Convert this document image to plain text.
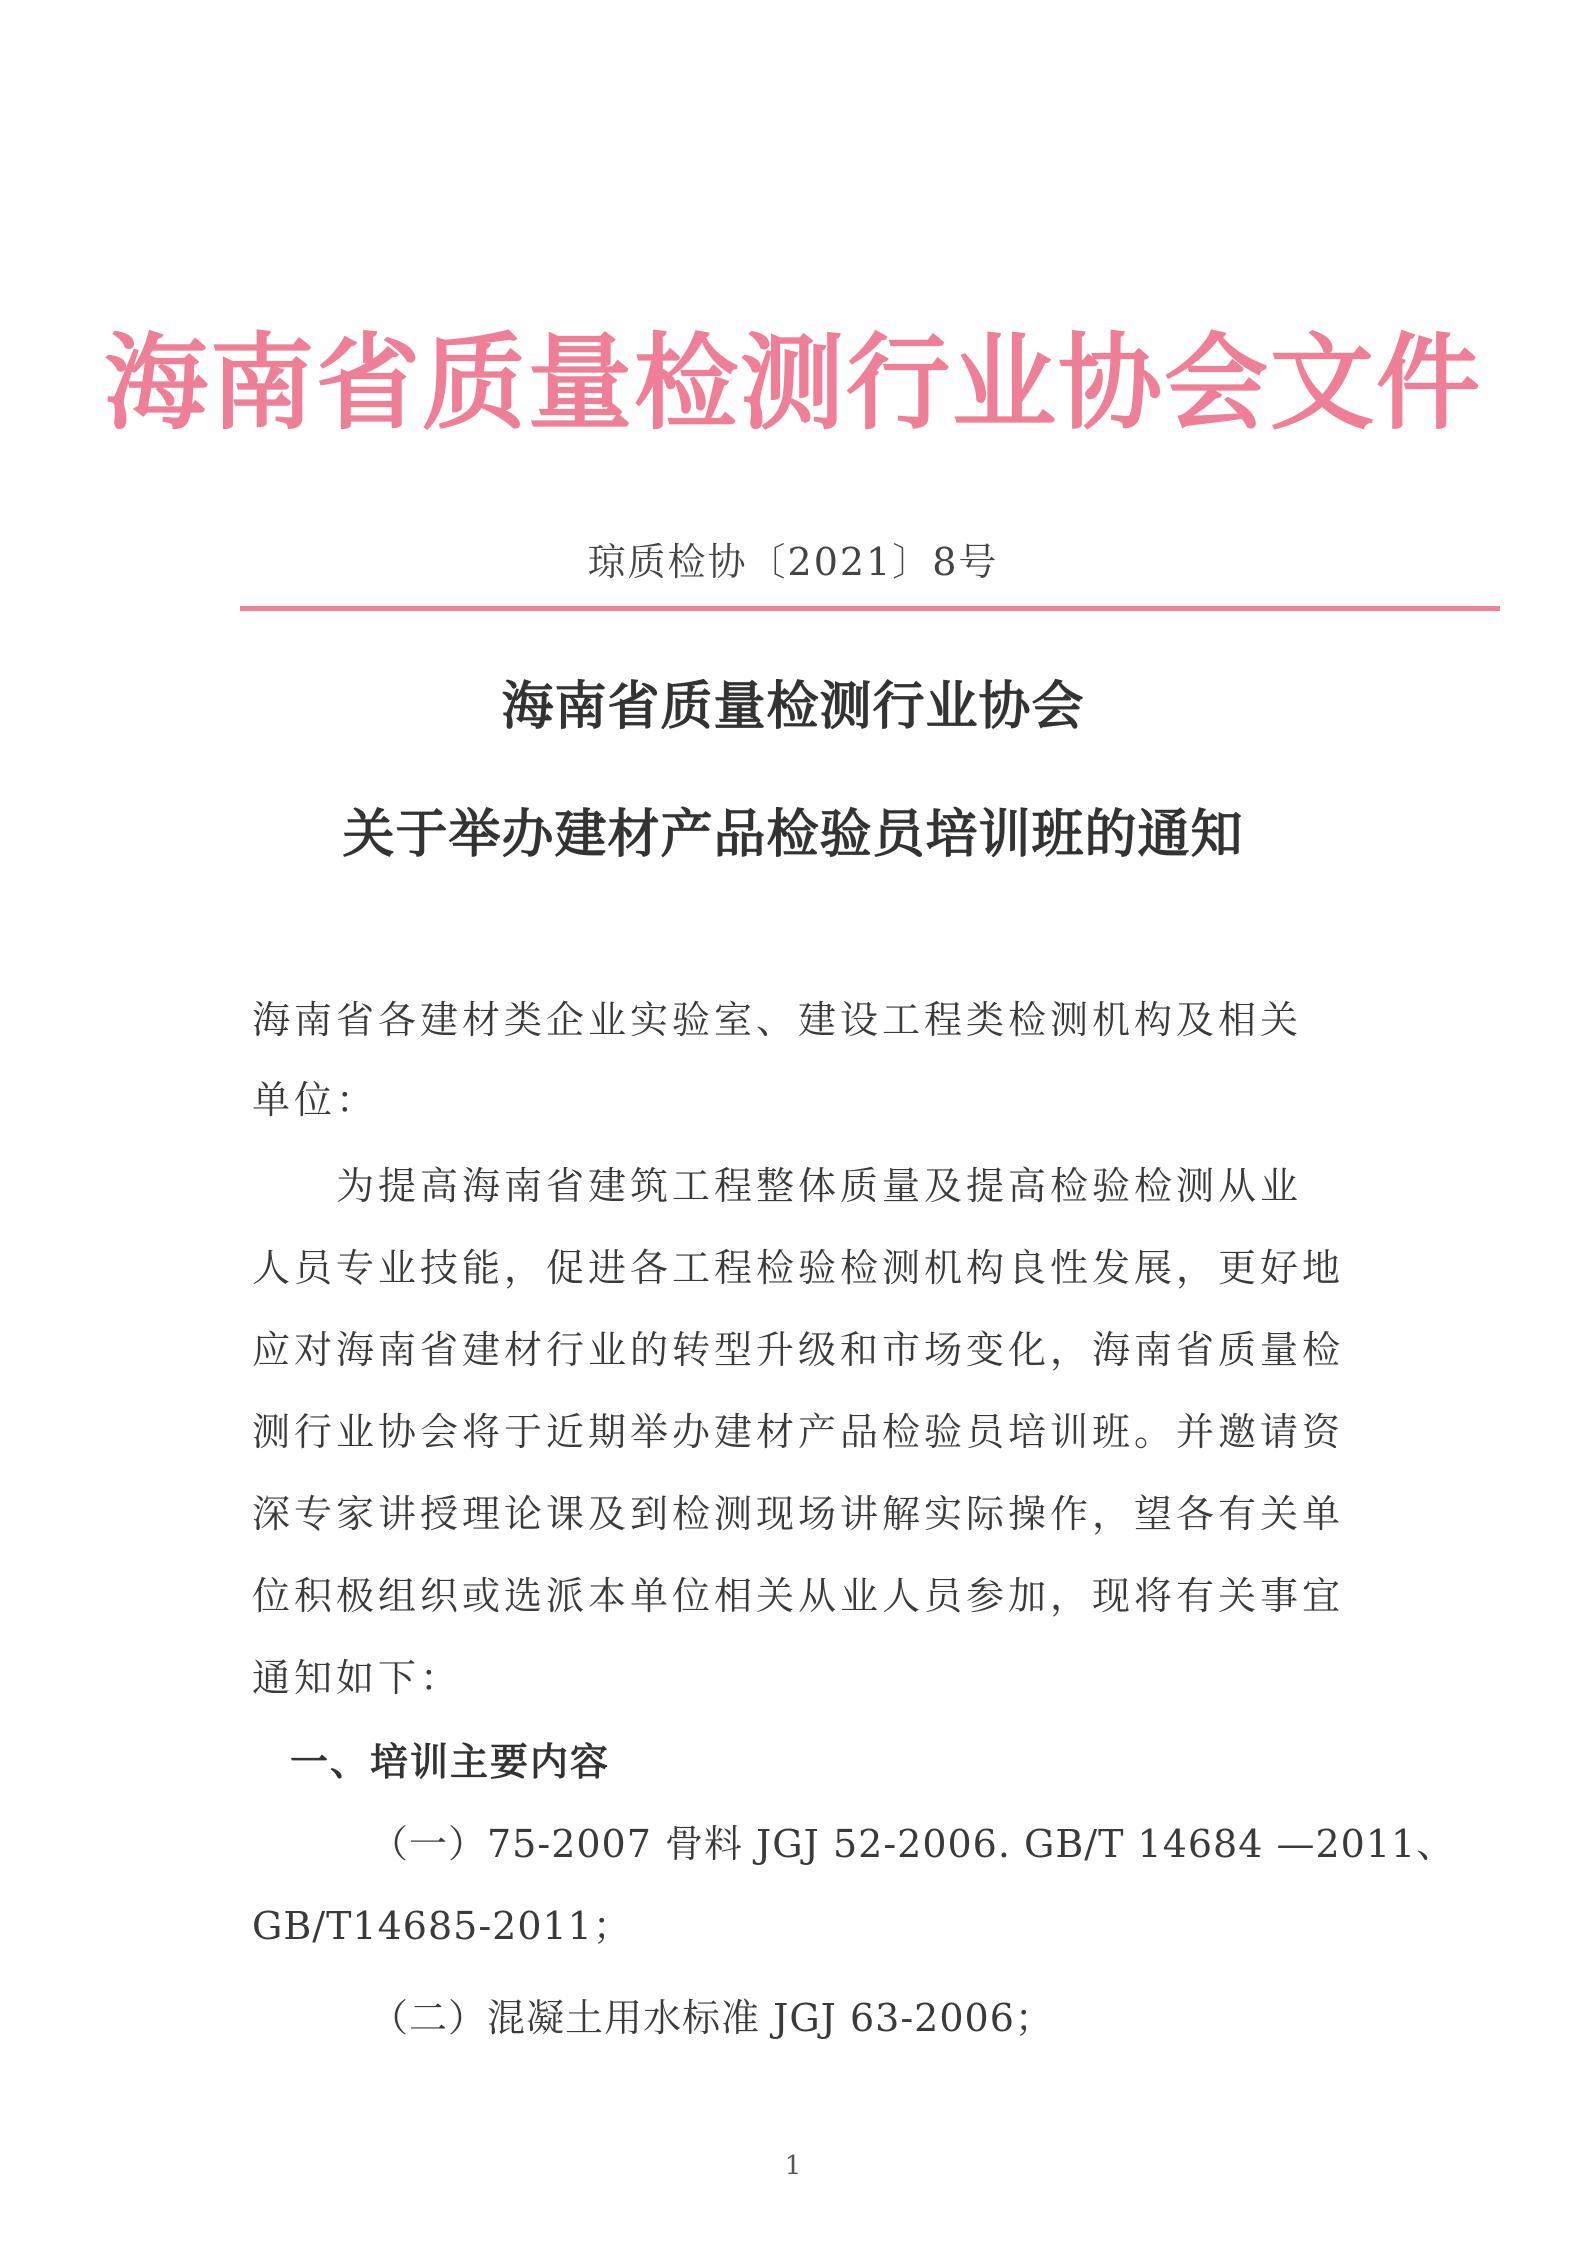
海南省质量检测行业协会文件
琼质检协〔2021〕8号
海南省质量检测行业协会
关于举办建材产品检验员培训班的通知
海南省各建材类企业实验室、建设工程类检测机构及相关
单位：
为提高海南省建筑工程整体质量及提高检验检测从业
人员专业技能，促进各工程检验检测机构良性发展，更好地
应对海南省建材行业的转型升级和市场变化，海南省质量检
测行业协会将于近期举办建材产品检验员培训班。并邀请资
深专家讲授理论课及到检测现场讲解实际操作，望各有关单
位积极组织或选派本单位相关从业人员参加，现将有关事宜
通知如下：
（一）75-2007 骨料 JGJ 52-2006. GB/T 14684 —2011、
GB/T14685-2011；
（二）混凝土用水标准 JGJ 63-2006；
一、培训主要内容
1
